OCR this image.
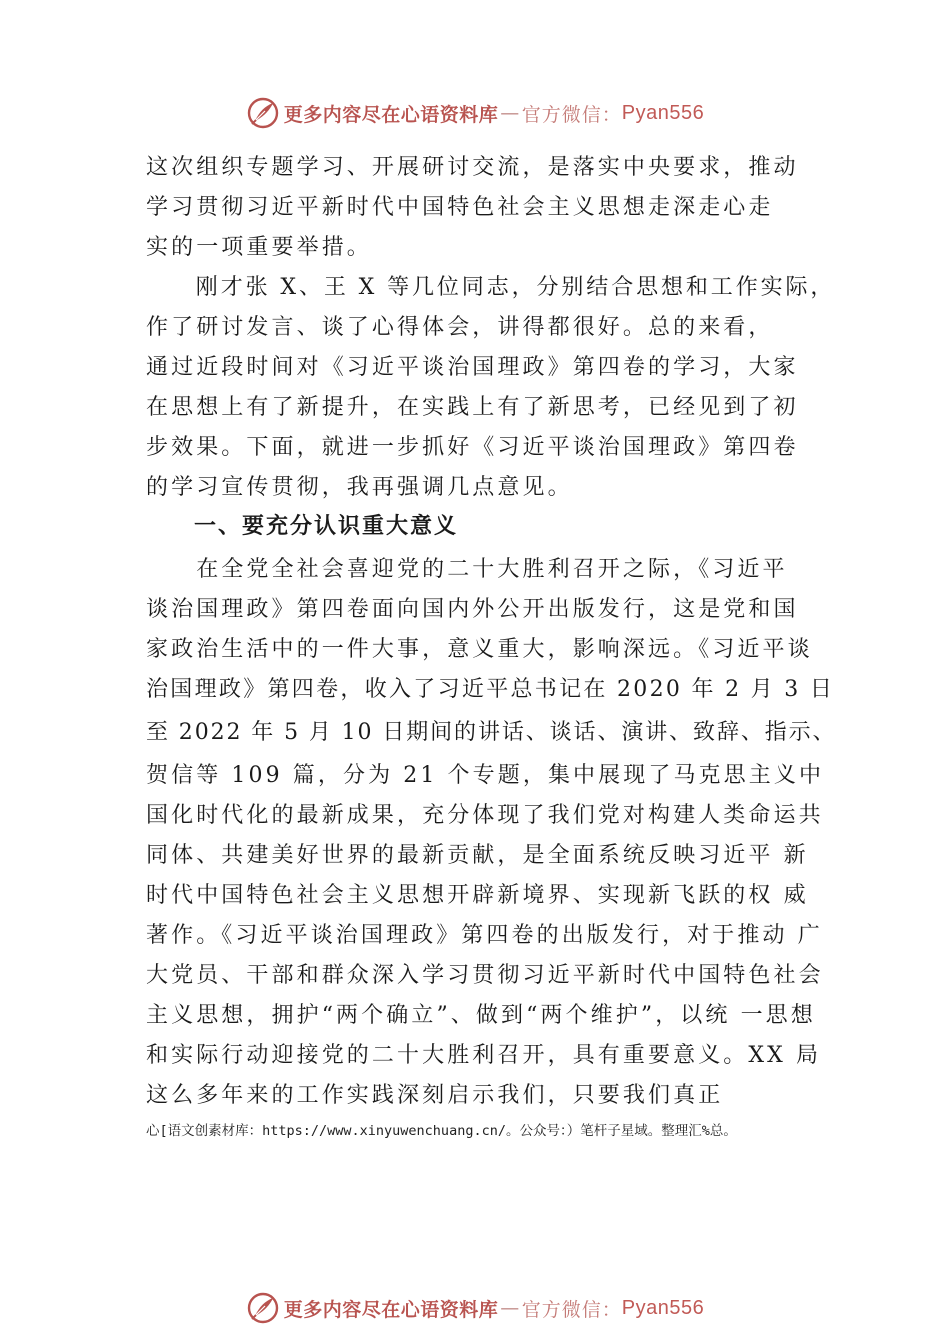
更多内容尽在心语资料库 — 官方微信： Pyan556
这次组织专题学习、开展研讨交流，是落实中央要求，推动
学习贯彻习近平新时代中国特色社会主义思想走深走心走
实的一项重要举措。
　　刚才张 X、王 X 等几位同志，分别结合思想和工作实际，
作了研讨发言、谈了心得体会，讲得都很好。总的来看，
通过近段时间对《习近平谈治国理政》第四卷的学习，大家
在思想上有了新提升，在实践上有了新思考，已经见到了初
步效果。下面，就进一步抓好《习近平谈治国理政》第四卷
的学习宣传贯彻，我再强调几点意见。
　　一、要充分认识重大意义
　　在全党全社会喜迎党的二十大胜利召开之际，《习近平
谈治国理政》第四卷面向国内外公开出版发行，这是党和国
家政治生活中的一件大事，意义重大，影响深远。《习近平谈
治国理政》第四卷，收入了习近平总书记在 2020 年 2 月 3 日
至 2022 年 5 月 10 日期间的讲话、谈话、演讲、致辞、指示、
贺信等 109 篇，分为 21 个专题，集中展现了马克思主义中
国化时代化的最新成果，充分体现了我们党对构建人类命运共
同体、共建美好世界的最新贡献，是全面系统反映习近平 新
时代中国特色社会主义思想开辟新境界、实现新飞跃的权 威
著作。《习近平谈治国理政》第四卷的出版发行，对于推动 广
大党员、干部和群众深入学习贯彻习近平新时代中国特色社会
主义思想，拥护“两个确立”、做到“两个维护”，以统 一思想
和实际行动迎接党的二十大胜利召开，具有重要意义。XX 局
这么多年来的工作实践深刻启示我们，只要我们真正
心[语文创素材库：https://www.xinyuwenchuang.cn/。公众号：）笔杆子星域。整理汇%总。
更多内容尽在心语资料库 — 官方微信： Pyan556
